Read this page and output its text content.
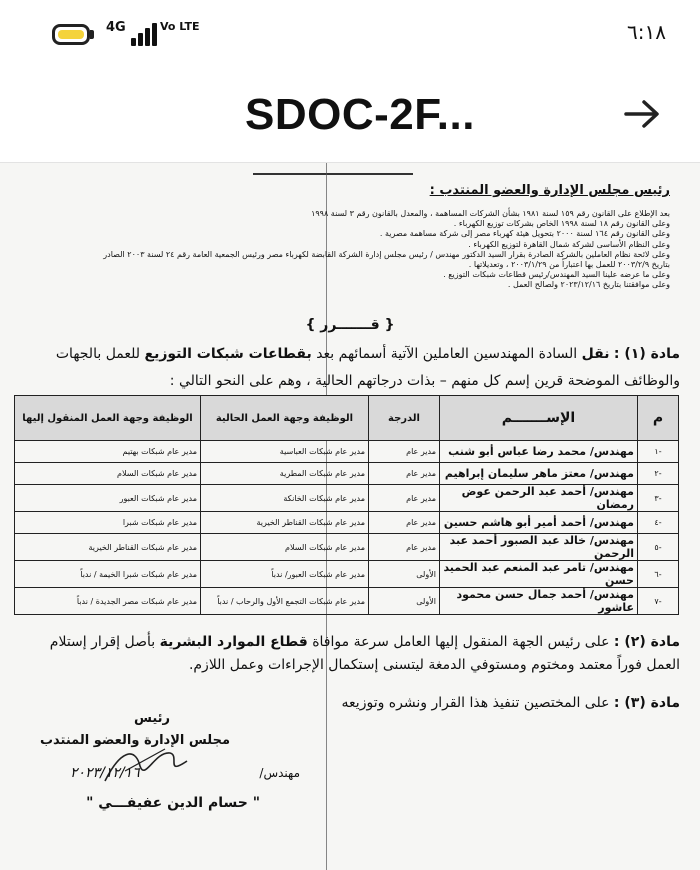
4G	Vo LTE	٦:١٨
SDOC-2F...
رئيس مجلس الإدارة والعضو المنتدب :
بعد الإطلاع على القانون رقم ١٥٩ لسنة ١٩٨١ بشأن الشركات المساهمة ، والمعدل بالقانون رقم ٣ لسنة ١٩٩٨
وعلى القانون رقم ١٨ لسنة ١٩٩٨ الخاص بشركات توزيع الكهرباء .
وعلى القانون رقم ١٦٤ لسنة ٢٠٠٠ بتحويل هيئة كهرباء مصر إلى شركة مساهمة مصرية .
وعلى النظام الأساسى لشركة شمال القاهرة لتوزيع الكهرباء .
وعلى لائحة نظام العاملين بالشركة الصادرة بقرار السيد الدكتور مهندس / رئيس مجلس إدارة الشركة القابضة لكهرباء مصر ورئيس الجمعية العامة رقم ٢٤ لسنة ٢٠٠٣ الصادر
بتاريخ ٢٠٠٣/٢/٩ للعمل بها اعتباراً من ٢٠٠٣/١/٢٩ ، وتعديلاتها .
وعلى ما عرضه علينا السيد المهندس/رئيس قطاعات شبكات التوزيع .
وعلى موافقتنا بتاريخ ٢٠٢٣/١٢/١٦ ولصالح العمل .
{ قـــــــرر }
مادة (١) : نقل السادة المهندسين العاملين الآتية أسمائهم بعد بقطاعات شبكات التوزيع للعمل بالجهات والوظائف الموضحة قرين إسم كل منهم – بذات درجاتهم الحالية ، وهم على النحو التالي :
م	الإســـــــم	الدرجة	الوظيفة وجهة العمل الحالية	الوظيفة وجهة العمل المنقول إليها
-١	مهندس/ محمد رضا عباس أبو شنب	مدير عام	مدير عام شبكات العباسية	مدير عام شبكات بهتيم
-٢	مهندس/ معتز ماهر سليمان إبراهيم	مدير عام	مدير عام شبكات المطرية	مدير عام شبكات السلام
-٣	مهندس/ أحمد عبد الرحمن عوض رمضان	مدير عام	مدير عام شبكات الخانكة	مدير عام شبكات العبور
-٤	مهندس/ أحمد أمير أبو هاشم حسين	مدير عام	مدير عام شبكات القناطر الخيرية	مدير عام شبكات شبرا
-٥	مهندس/ خالد عبد الصبور أحمد عبد الرحمن	مدير عام	مدير عام شبكات السلام	مدير عام شبكات القناطر الخيرية
-٦	مهندس/ تامر عبد المنعم عبد الحميد حسن	الأولى	مدير عام شبكات العبور/ ندباً	مدير عام شبكات شبرا الخيمة / ندباً
-٧	مهندس/ أحمد جمال حسن محمود عاشور	الأولى	مدير عام شبكات التجمع الأول والرحاب / ندباً	مدير عام شبكات مصر الجديدة / ندباً
مادة (٢) : على رئيس الجهة المنقول إليها العامل سرعة موافاة قطاع الموارد البشرية بأصل إقرار إستلام العمل فوراً معتمد ومختوم ومستوفي الدمغة ليتسنى إستكمال الإجراءات وعمل اللازم.
مادة (٣) : على المختصين تنفيذ هذا القرار ونشره وتوزيعه
رئيس
مجلس الإدارة والعضو المنتدب
٢٠٢٣/١٢/١٦	مهندس/
" حسام الدين عفيفـــي "
